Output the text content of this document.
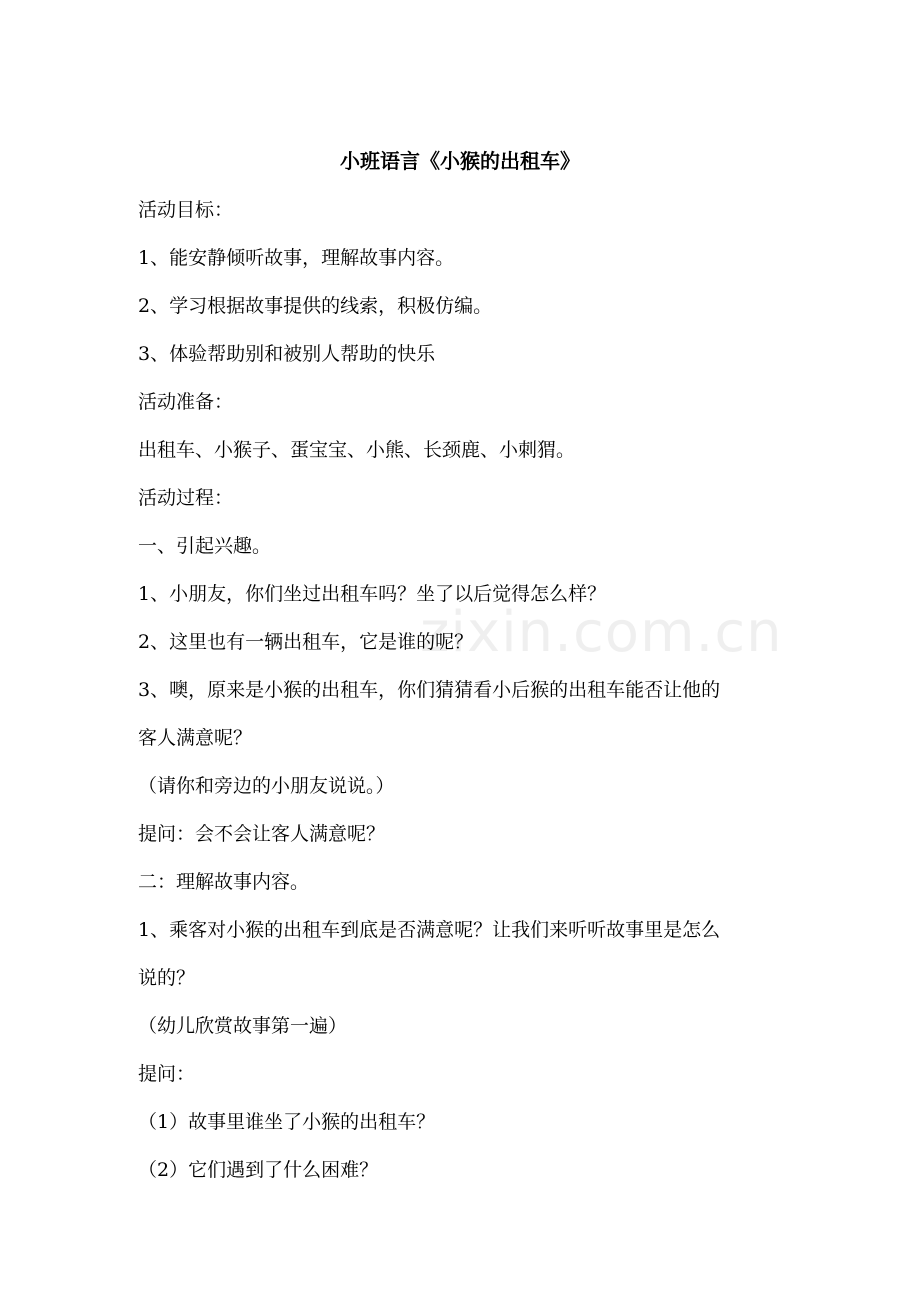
zixin.com.cn
小班语言《小猴的出租车》

活动目标：

1、能安静倾听故事，理解故事内容。

2、学习根据故事提供的线索，积极仿编。

3、体验帮助别和被别人帮助的快乐

活动准备：

出租车、小猴子、蛋宝宝、小熊、长颈鹿、小刺猬。

活动过程：

一、引起兴趣。

1、小朋友，你们坐过出租车吗？坐了以后觉得怎么样？

2、这里也有一辆出租车，它是谁的呢？

3、噢，原来是小猴的出租车，你们猜猜看小后猴的出租车能否让他的

客人满意呢？

（请你和旁边的小朋友说说。）

提问：会不会让客人满意呢？

二：理解故事内容。

1、乘客对小猴的出租车到底是否满意呢？让我们来听听故事里是怎么

说的？

（幼儿欣赏故事第一遍）

提问：

（1）故事里谁坐了小猴的出租车？

（2）它们遇到了什么困难？
